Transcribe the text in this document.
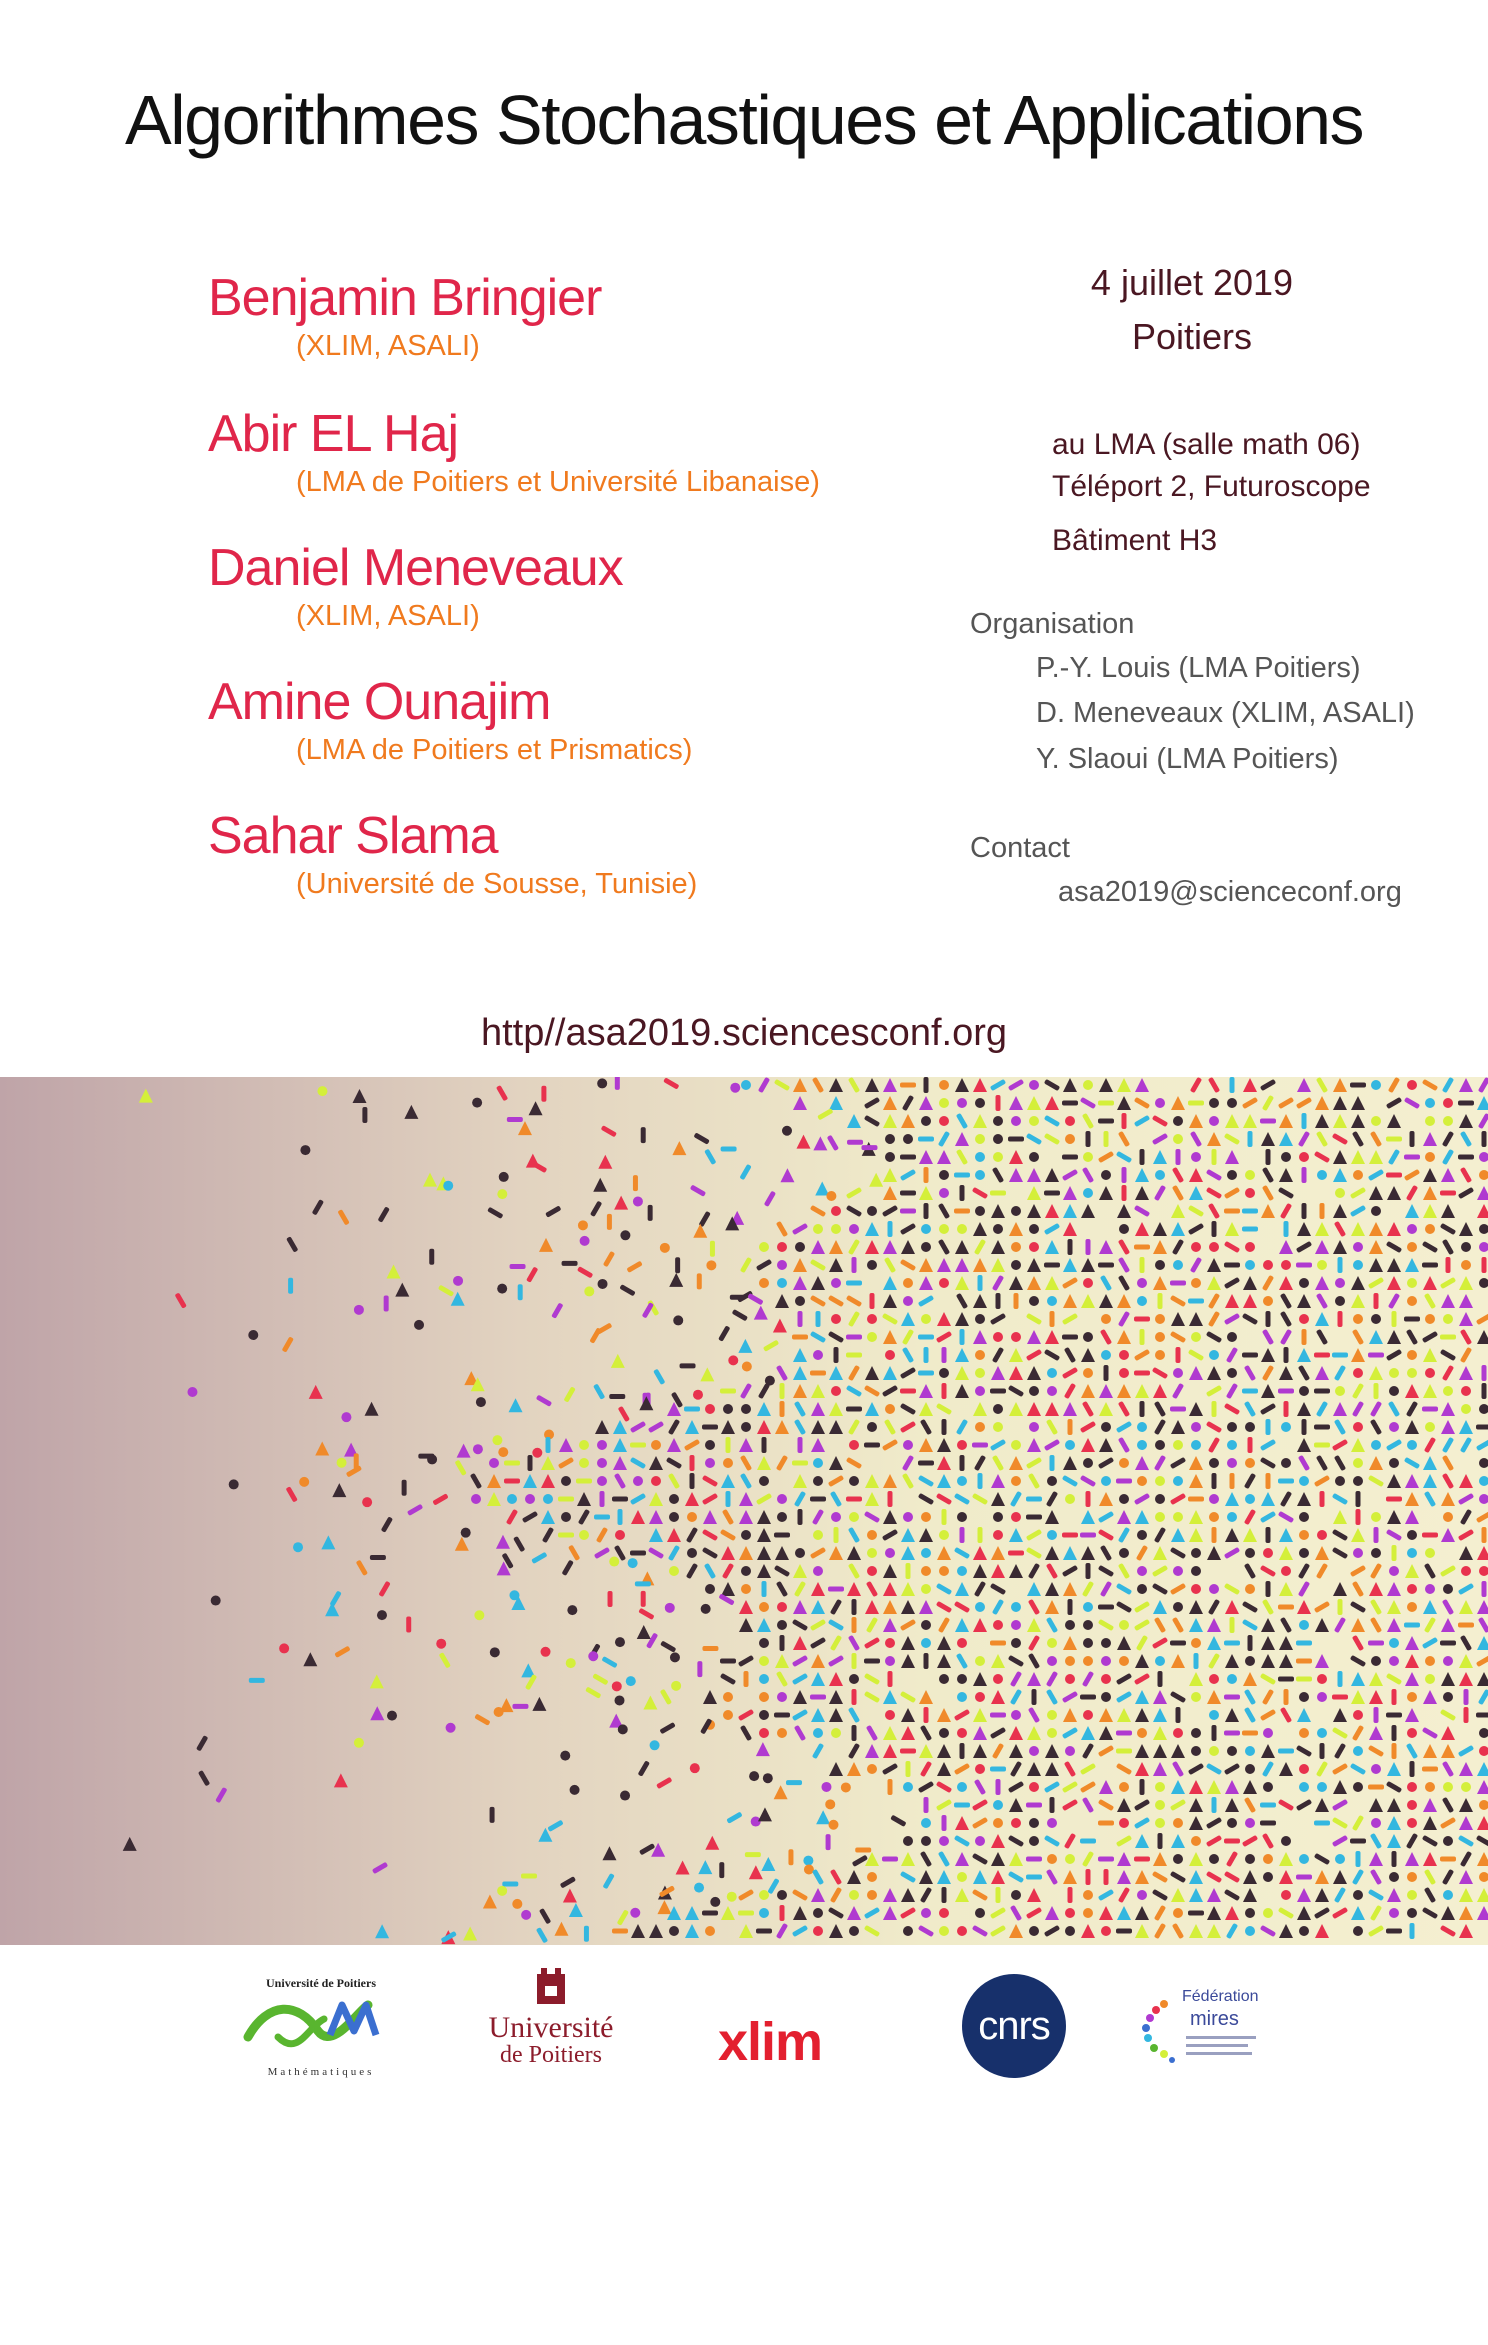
Algorithmes Stochastiques et Applications
Benjamin Bringier
(XLIM, ASALI)
Abir EL Haj
(LMA de Poitiers et Université Libanaise)
Daniel Meneveaux
(XLIM, ASALI)
Amine Ounajim
(LMA de Poitiers et Prismatics)
Sahar Slama
(Université de Sousse, Tunisie)
4 juillet 2019
Poitiers
au LMA (salle math 06)
Téléport 2, Futuroscope
Bâtiment H3
Organisation
P.-Y. Louis (LMA Poitiers)
D. Meneveaux (XLIM, ASALI)
Y. Slaoui (LMA Poitiers)
Contact
asa2019@scienceconf.org
http//asa2019.sciencesconf.org
Université de Poitiers
Mathématiques
Université
de Poitiers xlim	cnrs
Fédération
mires
